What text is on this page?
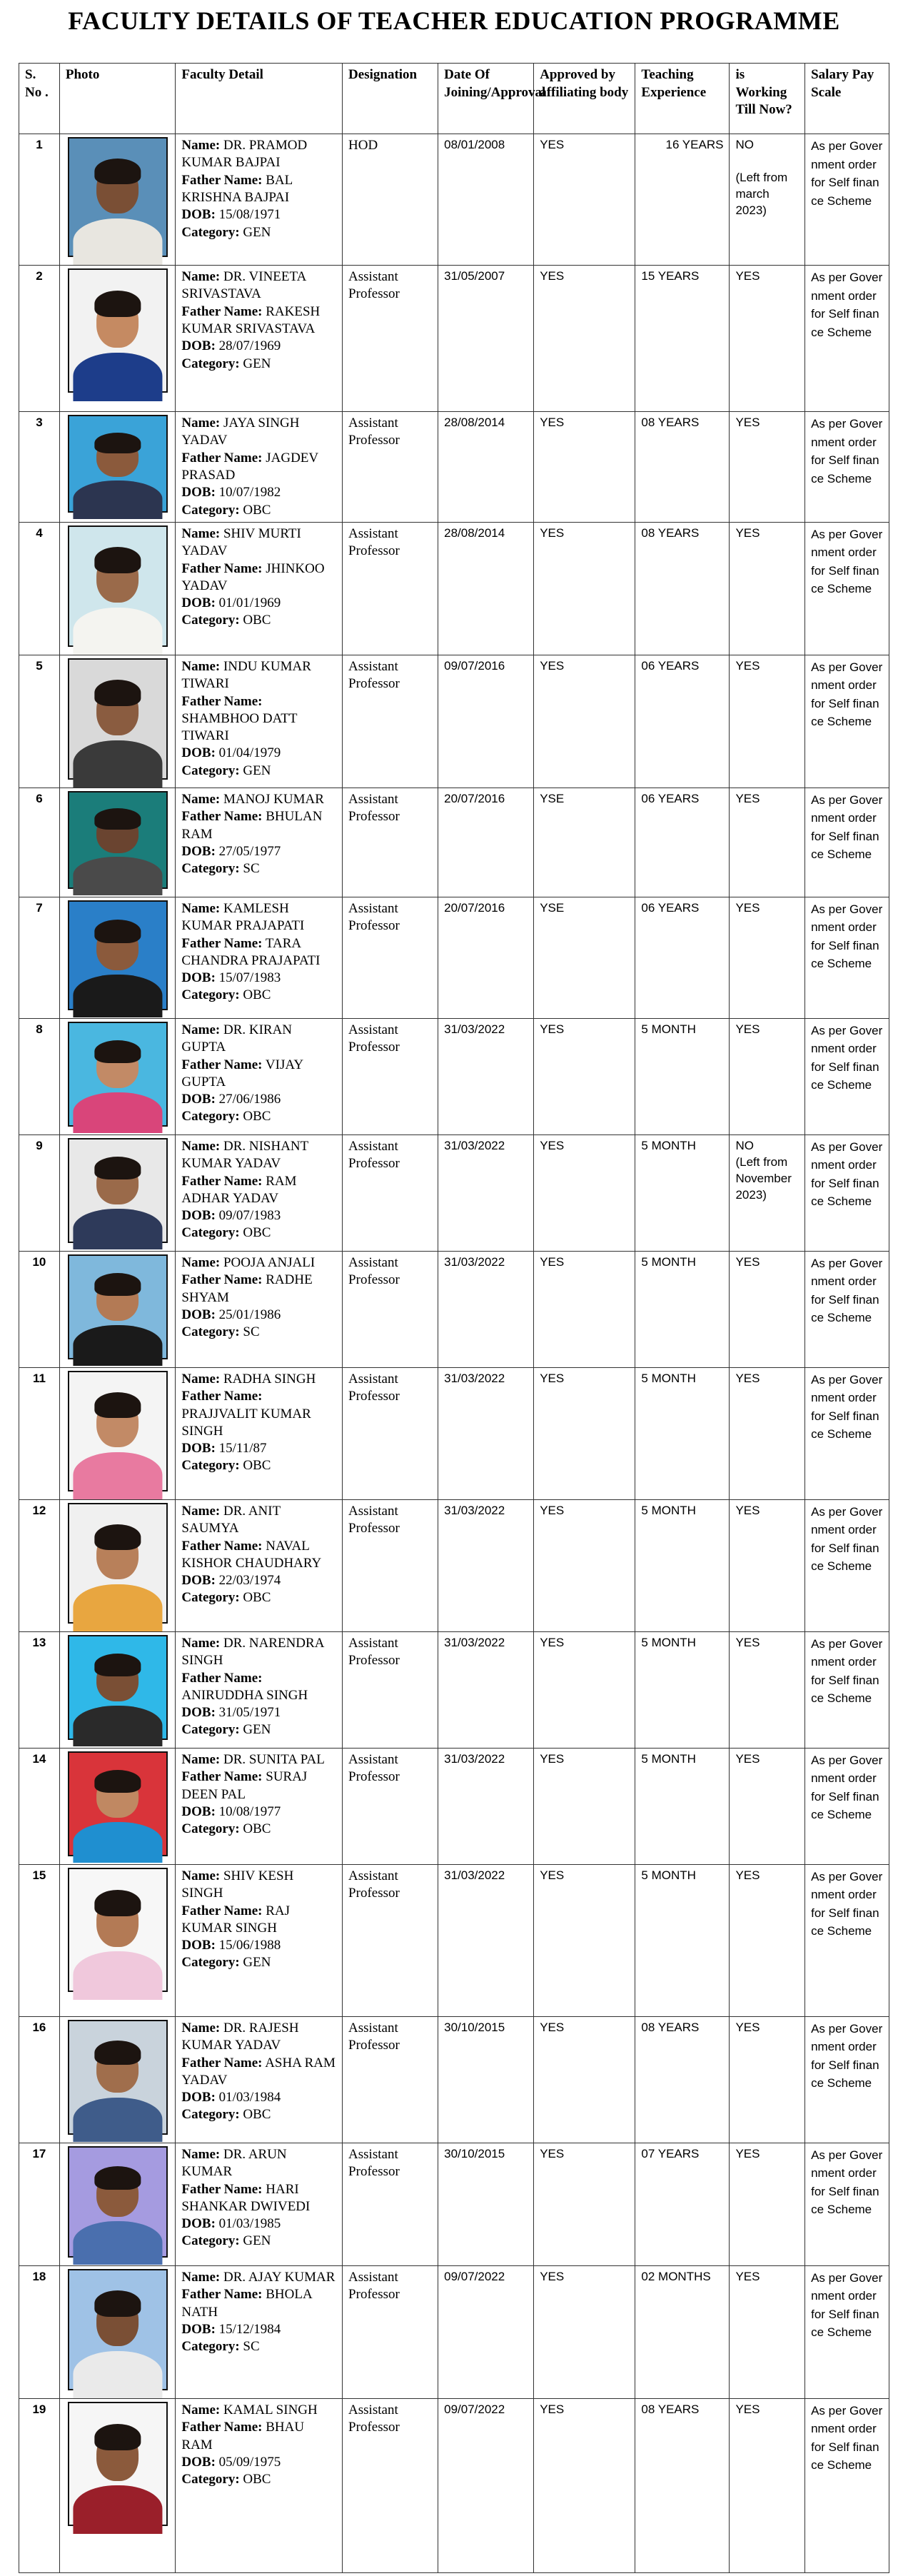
FACULTY DETAILS OF TEACHER EDUCATION PROGRAMME
S. No .	Photo	Faculty Detail	Designation	Date Of Joining/Approval	Approved by affiliating body	Teaching Experience	is Working Till Now?	Salary Pay Scale
1		Name: DR. PRAMOD KUMAR BAJPAI
Father Name: BAL KRISHNA BAJPAI
DOB: 15/08/1971
Category: GEN	HOD	08/01/2008	YES	16 YEARS	NO

(Left from march 2023)	As per Government order for Self finance Scheme
2		Name: DR. VINEETA SRIVASTAVA
Father Name: RAKESH KUMAR SRIVASTAVA
DOB: 28/07/1969
Category: GEN	Assistant Professor	31/05/2007	YES	15 YEARS	YES	As per Government order for Self finance Scheme
3		Name: JAYA SINGH YADAV
Father Name: JAGDEV PRASAD
DOB: 10/07/1982
Category: OBC	Assistant Professor	28/08/2014	YES	08 YEARS	YES	As per Government order for Self finance Scheme
4		Name: SHIV MURTI YADAV
Father Name: JHINKOO YADAV
DOB: 01/01/1969
Category: OBC	Assistant Professor	28/08/2014	YES	08 YEARS	YES	As per Government order for Self finance Scheme
5		Name: INDU KUMAR TIWARI
Father Name: SHAMBHOO DATT TIWARI
DOB: 01/04/1979
Category: GEN	Assistant Professor	09/07/2016	YES	06 YEARS	YES	As per Government order for Self finance Scheme
6		Name: MANOJ KUMAR
Father Name: BHULAN RAM
DOB: 27/05/1977
Category: SC	Assistant Professor	20/07/2016	YSE	06 YEARS	YES	As per Government order for Self finance Scheme
7		Name: KAMLESH KUMAR PRAJAPATI
Father Name: TARA CHANDRA PRAJAPATI
DOB: 15/07/1983
Category: OBC	Assistant Professor	20/07/2016	YSE	06 YEARS	YES	As per Government order for Self finance Scheme
8		Name: DR. KIRAN GUPTA
Father Name: VIJAY GUPTA
DOB: 27/06/1986
Category: OBC	Assistant Professor	31/03/2022	YES	5 MONTH	YES	As per Government order for Self finance Scheme
9		Name: DR. NISHANT KUMAR YADAV
Father Name: RAM ADHAR YADAV
DOB: 09/07/1983
Category: OBC	Assistant Professor	31/03/2022	YES	5 MONTH	NO
(Left from November 2023)	As per Government order for Self finance Scheme
10		Name: POOJA ANJALI
Father Name: RADHE SHYAM
DOB: 25/01/1986
Category: SC	Assistant Professor	31/03/2022	YES	5 MONTH	YES	As per Government order for Self finance Scheme
11		Name: RADHA SINGH
Father Name: PRAJJVALIT KUMAR SINGH
DOB: 15/11/87
Category: OBC	Assistant Professor	31/03/2022	YES	5 MONTH	YES	As per Government order for Self finance Scheme
12		Name: DR. ANIT SAUMYA
Father Name: NAVAL KISHOR CHAUDHARY
DOB: 22/03/1974
Category: OBC	Assistant Professor	31/03/2022	YES	5 MONTH	YES	As per Government order for Self finance Scheme
13		Name: DR. NARENDRA SINGH
Father Name: ANIRUDDHA SINGH
DOB: 31/05/1971
Category: GEN	Assistant Professor	31/03/2022	YES	5 MONTH	YES	As per Government order for Self finance Scheme
14		Name: DR. SUNITA PAL
Father Name: SURAJ DEEN PAL
DOB: 10/08/1977
Category: OBC	Assistant Professor	31/03/2022	YES	5 MONTH	YES	As per Government order for Self finance Scheme
15		Name: SHIV KESH SINGH
Father Name: RAJ KUMAR SINGH
DOB: 15/06/1988
Category: GEN	Assistant Professor	31/03/2022	YES	5 MONTH	YES	As per Government order for Self finance Scheme
16		Name: DR. RAJESH KUMAR YADAV
Father Name: ASHA RAM YADAV
DOB: 01/03/1984
Category: OBC	Assistant Professor	30/10/2015	YES	08 YEARS	YES	As per Government order for Self finance Scheme
17		Name: DR. ARUN KUMAR
Father Name: HARI SHANKAR DWIVEDI
DOB: 01/03/1985
Category: GEN	Assistant Professor	30/10/2015	YES	07 YEARS	YES	As per Government order for Self finance Scheme
18		Name: DR. AJAY KUMAR
Father Name: BHOLA NATH
DOB: 15/12/1984
Category: SC	Assistant Professor	09/07/2022	YES	02 MONTHS	YES	As per Government order for Self finance Scheme
19		Name: KAMAL SINGH
Father Name: BHAU RAM
DOB: 05/09/1975
Category: OBC	Assistant Professor	09/07/2022	YES	08 YEARS	YES	As per Government order for Self finance Scheme
